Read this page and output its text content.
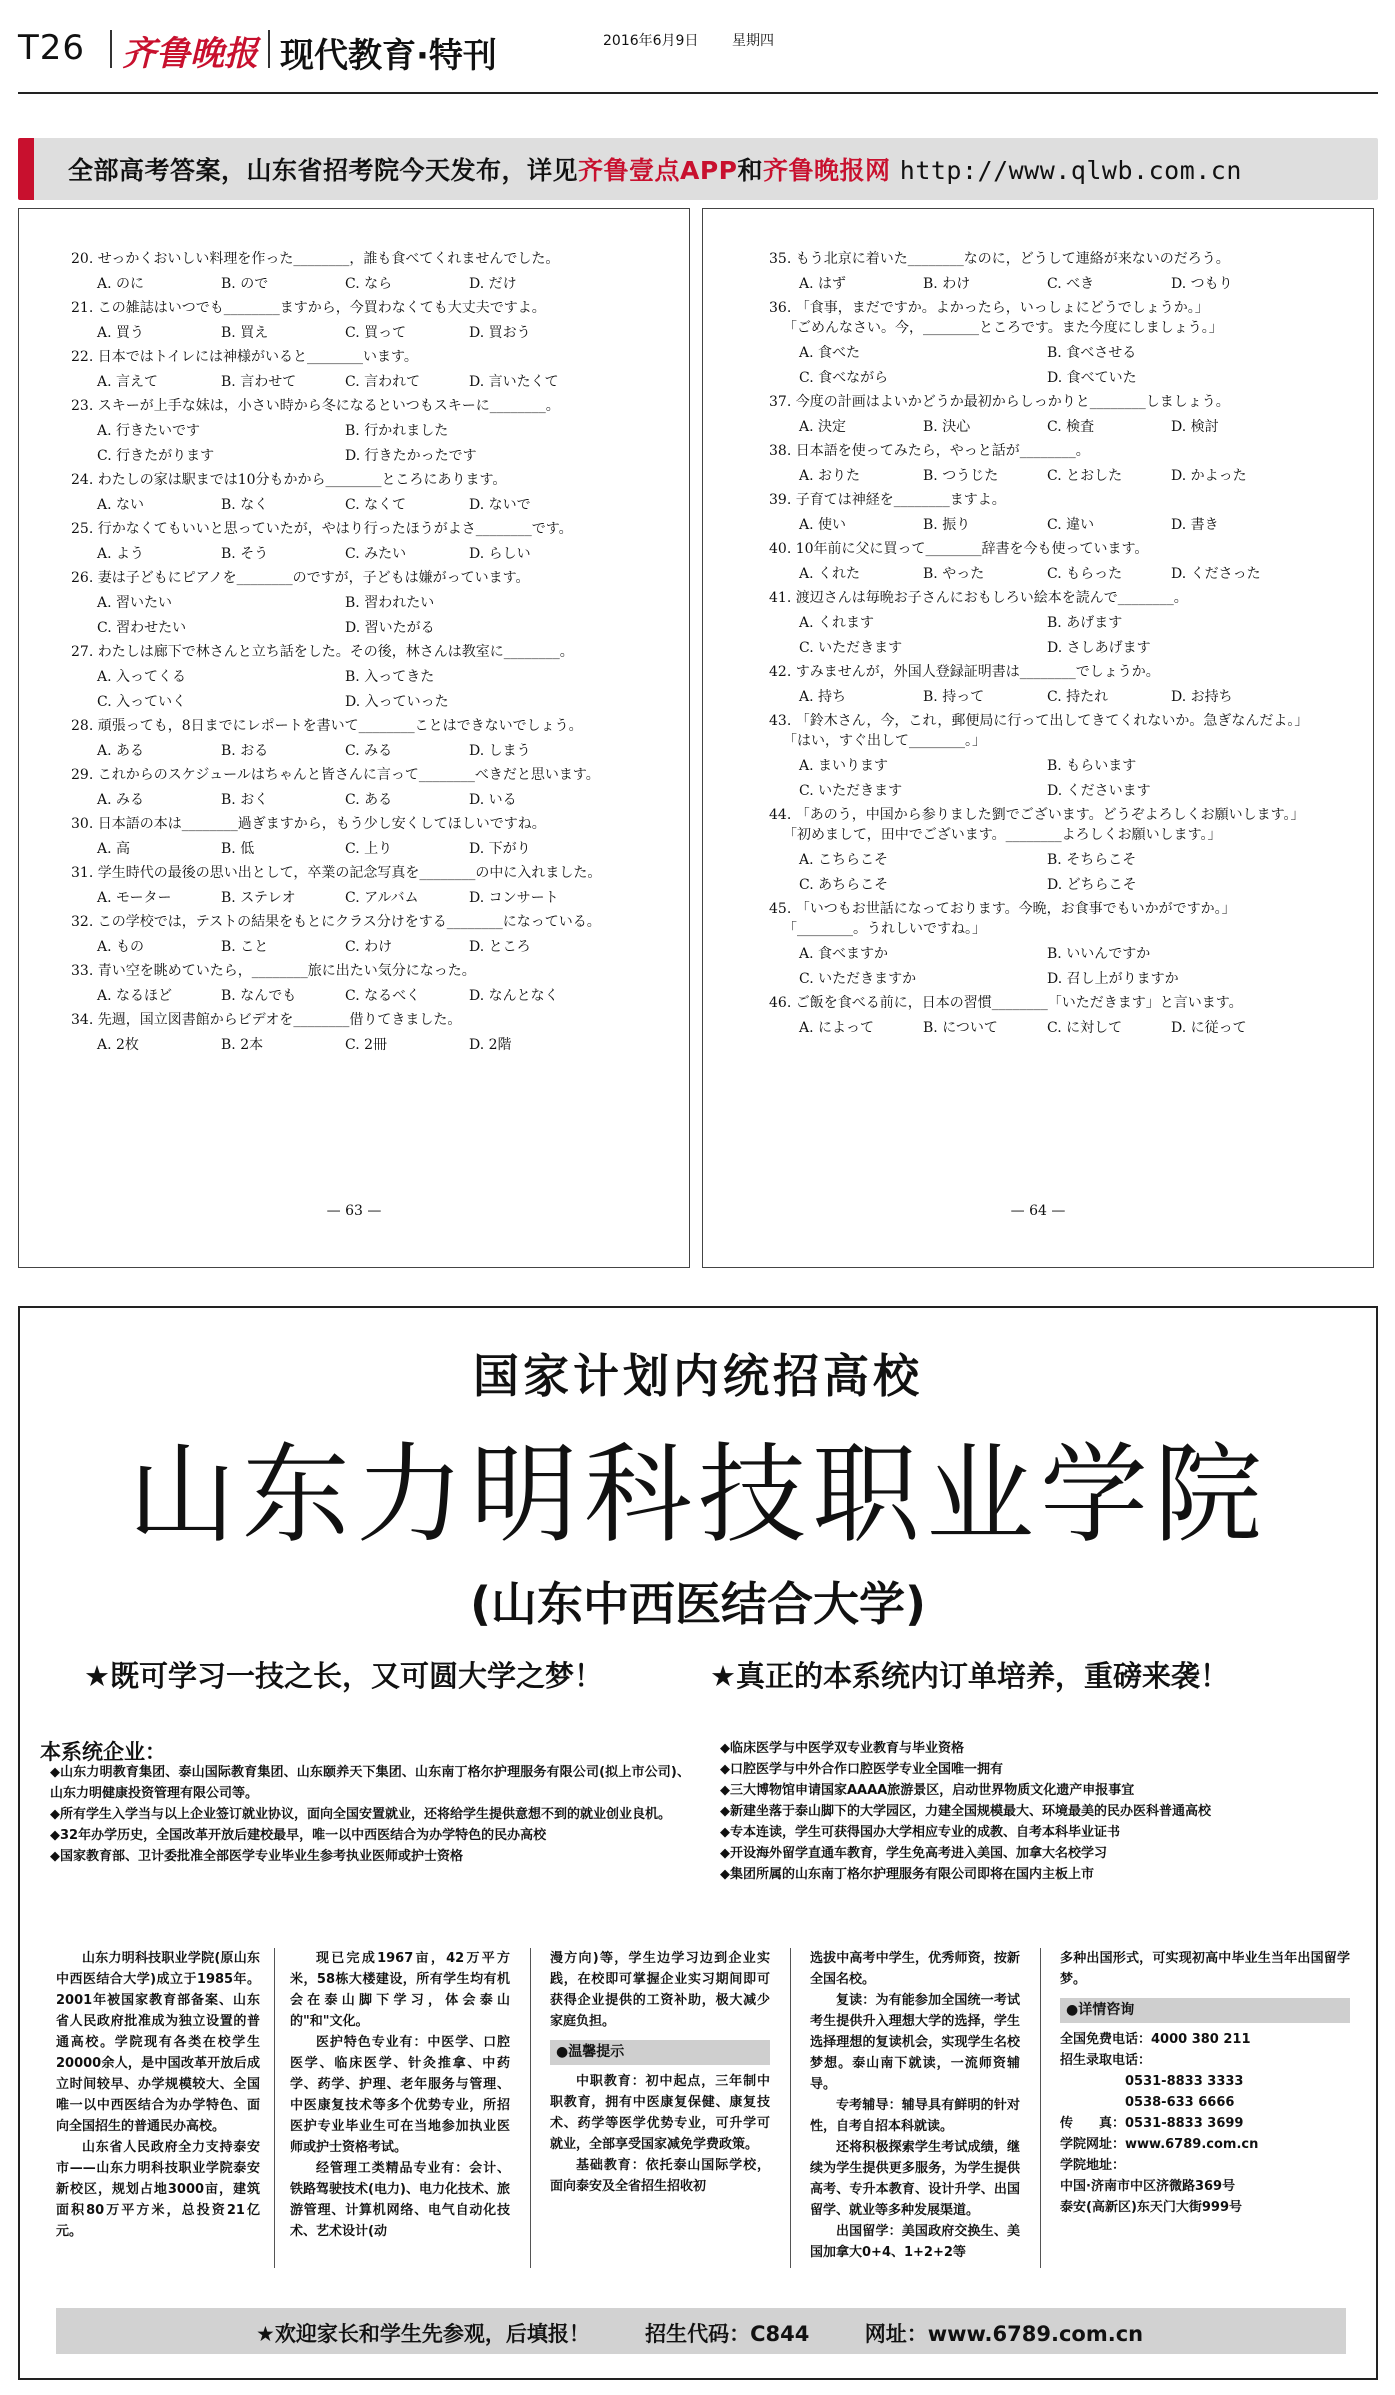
T26 齐鲁晚报 现代教育·特刊	2016年6月9日 星期四
全部高考答案，山东省招考院今天发布，详见齐鲁壹点APP和齐鲁晚报网 http://www.qlwb.com.cn
20. せっかくおいしい料理を作った________，誰も食べてくれませんでした。
A. のに	B. ので	C. なら	D. だけ
21. この雑誌はいつでも________ますから，今買わなくても大丈夫ですよ。
A. 買う	B. 買え	C. 買って	D. 買おう
22. 日本ではトイレには神様がいると________います。
A. 言えて	B. 言わせて	C. 言われて	D. 言いたくて
23. スキーが上手な妹は，小さい時から冬になるといつもスキーに________。
A. 行きたいです	B. 行かれました
C. 行きたがります	D. 行きたかったです
24. わたしの家は駅までは10分もかから________ところにあります。
A. ない	B. なく	C. なくて	D. ないで
25. 行かなくてもいいと思っていたが，やはり行ったほうがよさ________です。
A. よう	B. そう	C. みたい	D. らしい
26. 妻は子どもにピアノを________のですが，子どもは嫌がっています。
A. 習いたい	B. 習われたい
C. 習わせたい	D. 習いたがる
27. わたしは廊下で林さんと立ち話をした。その後，林さんは教室に________。
A. 入ってくる	B. 入ってきた
C. 入っていく	D. 入っていった
28. 頑張っても，8日までにレポートを書いて________ことはできないでしょう。
A. ある	B. おる	C. みる	D. しまう
29. これからのスケジュールはちゃんと皆さんに言って________べきだと思います。
A. みる	B. おく	C. ある	D. いる
30. 日本語の本は________過ぎますから，もう少し安くしてほしいですね。
A. 高	B. 低	C. 上り	D. 下がり
31. 学生時代の最後の思い出として，卒業の記念写真を________の中に入れました。
A. モーター	B. ステレオ	C. アルバム	D. コンサート
32. この学校では，テストの結果をもとにクラス分けをする________になっている。
A. もの	B. こと	C. わけ	D. ところ
33. 青い空を眺めていたら，________旅に出たい気分になった。
A. なるほど	B. なんでも	C. なるべく	D. なんとなく
34. 先週，国立図書館からビデオを________借りてきました。
A. 2枚	B. 2本	C. 2冊	D. 2階
— 63 —
35. もう北京に着いた________なのに，どうして連絡が来ないのだろう。
A. はず	B. わけ	C. べき	D. つもり
36. 「食事，まだですか。よかったら，いっしょにどうでしょうか。」
「ごめんなさい。今，________ところです。また今度にしましょう。」
A. 食べた	B. 食べさせる
C. 食べながら	D. 食べていた
37. 今度の計画はよいかどうか最初からしっかりと________しましょう。
A. 決定	B. 決心	C. 検査	D. 検討
38. 日本語を使ってみたら，やっと話が________。
A. おりた	B. つうじた	C. とおした	D. かよった
39. 子育ては神経を________ますよ。
A. 使い	B. 振り	C. 違い	D. 書き
40. 10年前に父に買って________辞書を今も使っています。
A. くれた	B. やった	C. もらった	D. くださった
41. 渡辺さんは毎晩お子さんにおもしろい絵本を読んで________。
A. くれます	B. あげます
C. いただきます	D. さしあげます
42. すみませんが，外国人登録証明書は________でしょうか。
A. 持ち	B. 持って	C. 持たれ	D. お持ち
43. 「鈴木さん，今，これ，郵便局に行って出してきてくれないか。急ぎなんだよ。」
「はい，すぐ出して________。」
A. まいります	B. もらいます
C. いただきます	D. くださいます
44. 「あのう，中国から参りました劉でございます。どうぞよろしくお願いします。」
「初めまして，田中でございます。________よろしくお願いします。」
A. こちらこそ	B. そちらこそ
C. あちらこそ	D. どちらこそ
45. 「いつもお世話になっております。今晩，お食事でもいかがですか。」
「________。うれしいですね。」
A. 食べますか	B. いいんですか
C. いただきますか	D. 召し上がりますか
46. ご飯を食べる前に，日本の習慣________「いただきます」と言います。
A. によって	B. について	C. に対して	D. に従って
— 64 —
国家计划内统招高校
山东力明科技职业学院
(山东中西医结合大学)
★既可学习一技之长，又可圆大学之梦！	★真正的本系统内订单培养，重磅来袭！
本系统企业：
◆山东力明教育集团、泰山国际教育集团、山东颐养天下集团、山东南丁格尔护理服务有限公司(拟上市公司)、山东力明健康投资管理有限公司等。
◆所有学生入学当与以上企业签订就业协议，面向全国安置就业，还将给学生提供意想不到的就业创业良机。
◆32年办学历史，全国改革开放后建校最早，唯一以中西医结合为办学特色的民办高校
◆国家教育部、卫计委批准全部医学专业毕业生参考执业医师或护士资格
◆临床医学与中医学双专业教育与毕业资格
◆口腔医学与中外合作口腔医学专业全国唯一拥有
◆三大博物馆申请国家AAAA旅游景区，启动世界物质文化遗产申报事宜
◆新建坐落于泰山脚下的大学园区，力建全国规模最大、环境最美的民办医科普通高校
◆专本连读，学生可获得国办大学相应专业的成教、自考本科毕业证书
◆开设海外留学直通车教育，学生免高考进入美国、加拿大名校学习
◆集团所属的山东南丁格尔护理服务有限公司即将在国内主板上市

山东力明科技职业学院(原山东中西医结合大学)成立于1985年。2001年被国家教育部备案、山东省人民政府批准成为独立设置的普通高校。学院现有各类在校学生20000余人，是中国改革开放后成立时间较早、办学规模较大、全国唯一以中西医结合为办学特色、面向全国招生的普通民办高校。

山东省人民政府全力支持泰安市——山东力明科技职业学院泰安新校区，规划占地3000亩，建筑面积80万平方米，总投资21亿元。

现已完成1967亩，42万平方米，58栋大楼建设，所有学生均有机会在泰山脚下学习，体会泰山的"和"文化。

医护特色专业有：中医学、口腔医学、临床医学、针灸推拿、中药学、药学、护理、老年服务与管理、中医康复技术等多个优势专业，所招医护专业毕业生可在当地参加执业医师或护士资格考试。

经管理工类精品专业有：会计、铁路驾驶技术(电力)、电力化技术、旅游管理、计算机网络、电气自动化技术、艺术设计(动

漫方向)等，学生边学习边到企业实践，在校即可掌握企业实习期间即可获得企业提供的工资补助，极大减少家庭负担。

●温馨提示

中职教育：初中起点，三年制中职教育，拥有中医康复保健、康复技术、药学等医学优势专业，可升学可就业，全部享受国家减免学费政策。

基础教育：依托泰山国际学校，面向泰安及全省招生招收初

选拔中高考中学生，优秀师资，按新全国名校。

复读：为有能参加全国统一考试考生提供升入理想大学的选择，学生选择理想的复读机会，实现学生名校梦想。泰山南下就读，一流师资辅导。

专考辅导：辅导具有鲜明的针对性，自考自招本科就读。

还将积极探索学生考试成绩，继续为学生提供更多服务，为学生提供高考、专升本教育、设计升学、出国留学、就业等多种发展渠道。

出国留学：美国政府交换生、美国加拿大0+4、1+2+2等

多种出国形式，可实现初高中毕业生当年出国留学梦。

●详情咨询
全国免费电话：4000 380 211
招生录取电话：
　　　　　0531-8833 3333
　　　　　0538-633 6666
传　　真：0531-8833 3699
学院网址：www.6789.com.cn
学院地址：
中国·济南市中区济微路369号
泰安(高新区)东天门大街999号
★欢迎家长和学生先参观，后填报！　　	招生代码：C844　　	网址：www.6789.com.cn
